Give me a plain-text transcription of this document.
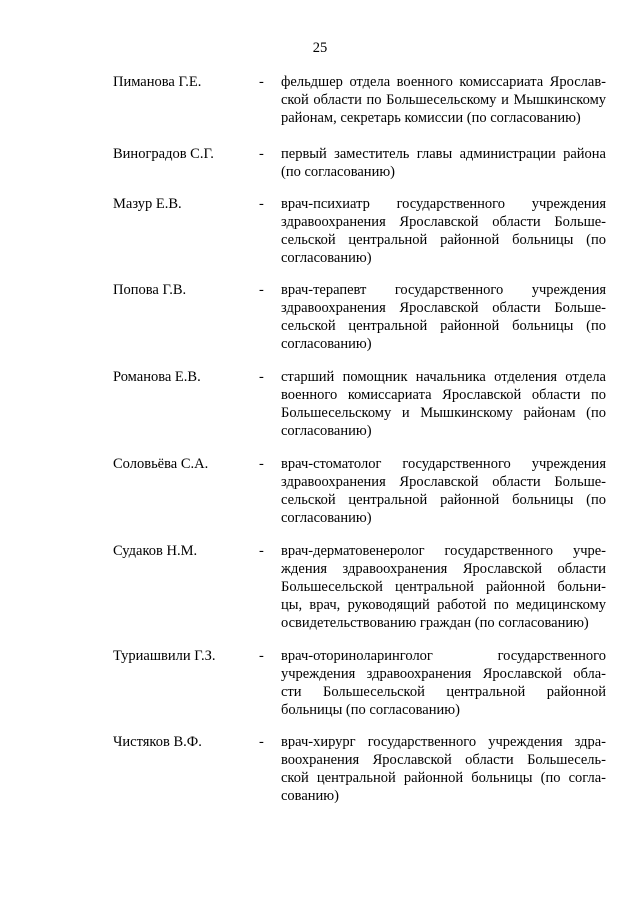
25
Пиманова Г.Е.	- фельдшер отдела военного комиссариата Ярослав-
ской области по Большесельскому и Мышкинскому
районам, секретарь комиссии (по согласованию)
Виноградов С.Г.	- первый заместитель главы администрации района
(по согласованию)
Мазур Е.В.	- врач-психиатр государственного учреждения
здравоохранения Ярославской области Больше-
сельской центральной районной больницы (по
согласованию)
Попова Г.В.	- врач-терапевт государственного учреждения
здравоохранения Ярославской области Больше-
сельской центральной районной больницы (по
согласованию)
Романова Е.В.	- старший помощник начальника отделения отдела
военного комиссариата Ярославской области по
Большесельскому и Мышкинскому районам (по
согласованию)
Соловьёва С.А.	- врач-стоматолог государственного учреждения
здравоохранения Ярославской области Больше-
сельской центральной районной больницы (по
согласованию)
Судаков Н.М.	- врач-дерматовенеролог государственного учре-
ждения здравоохранения Ярославской области
Большесельской центральной районной больни-
цы, врач, руководящий работой по медицинскому
освидетельствованию граждан (по согласованию)
Туриашвили Г.З.	- врач-оториноларинголог государственного
учреждения здравоохранения Ярославской обла-
сти Большесельской центральной районной
больницы (по согласованию)
Чистяков В.Ф.	- врач-хирург государственного учреждения здра-
воохранения Ярославской области Большесель-
ской центральной районной больницы (по согла-
сованию)
